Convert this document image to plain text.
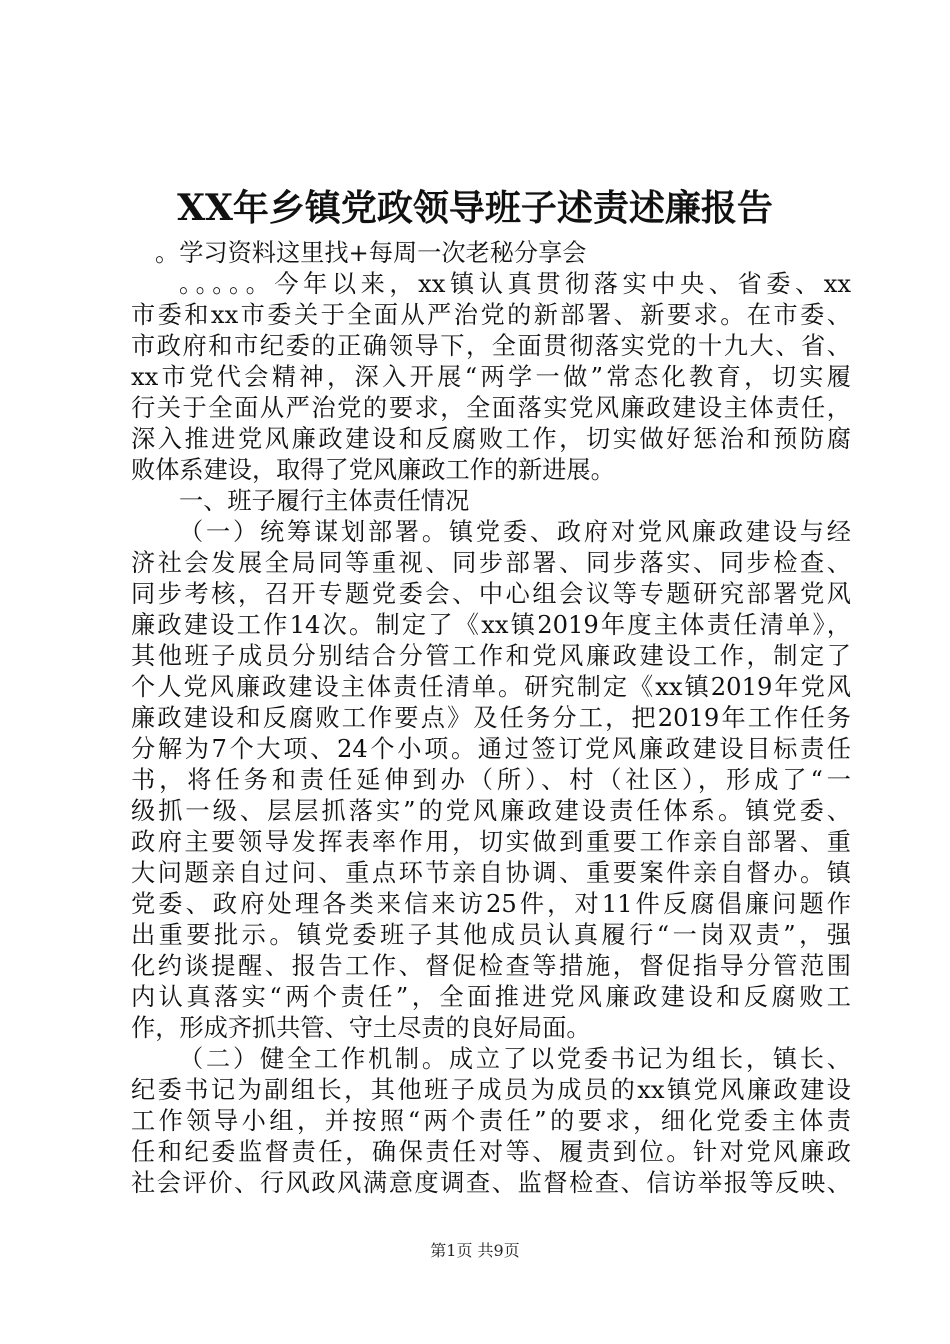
XX年乡镇党政领导班子述责述廉报告
。学习资料这里找+每周一次老秘分享会
。。。。。今年以来，xx镇认真贯彻落实中央、省委、xx
市委和xx市委关于全面从严治党的新部署、新要求。在市委、
市政府和市纪委的正确领导下，全面贯彻落实党的十九大、省、
xx市党代会精神，深入开展“两学一做”常态化教育，切实履
行关于全面从严治党的要求，全面落实党风廉政建设主体责任，
深入推进党风廉政建设和反腐败工作，切实做好惩治和预防腐
败体系建设，取得了党风廉政工作的新进展。
一、班子履行主体责任情况
（一）统筹谋划部署。镇党委、政府对党风廉政建设与经
济社会发展全局同等重视、同步部署、同步落实、同步检查、
同步考核，召开专题党委会、中心组会议等专题研究部署党风
廉政建设工作14次。制定了《xx镇2019年度主体责任清单》，
其他班子成员分别结合分管工作和党风廉政建设工作，制定了
个人党风廉政建设主体责任清单。研究制定《xx镇2019年党风
廉政建设和反腐败工作要点》及任务分工，把2019年工作任务
分解为7个大项、24个小项。通过签订党风廉政建设目标责任
书，将任务和责任延伸到办（所）、村（社区），形成了“一
级抓一级、层层抓落实”的党风廉政建设责任体系。镇党委、
政府主要领导发挥表率作用，切实做到重要工作亲自部署、重
大问题亲自过问、重点环节亲自协调、重要案件亲自督办。镇
党委、政府处理各类来信来访25件，对11件反腐倡廉问题作
出重要批示。镇党委班子其他成员认真履行“一岗双责”，强
化约谈提醒、报告工作、督促检查等措施，督促指导分管范围
内认真落实“两个责任”，全面推进党风廉政建设和反腐败工
作，形成齐抓共管、守土尽责的良好局面。
（二）健全工作机制。成立了以党委书记为组长，镇长、
纪委书记为副组长，其他班子成员为成员的xx镇党风廉政建设
工作领导小组，并按照“两个责任”的要求，细化党委主体责
任和纪委监督责任，确保责任对等、履责到位。针对党风廉政
社会评价、行风政风满意度调查、监督检查、信访举报等反映、
第1页 共9页
